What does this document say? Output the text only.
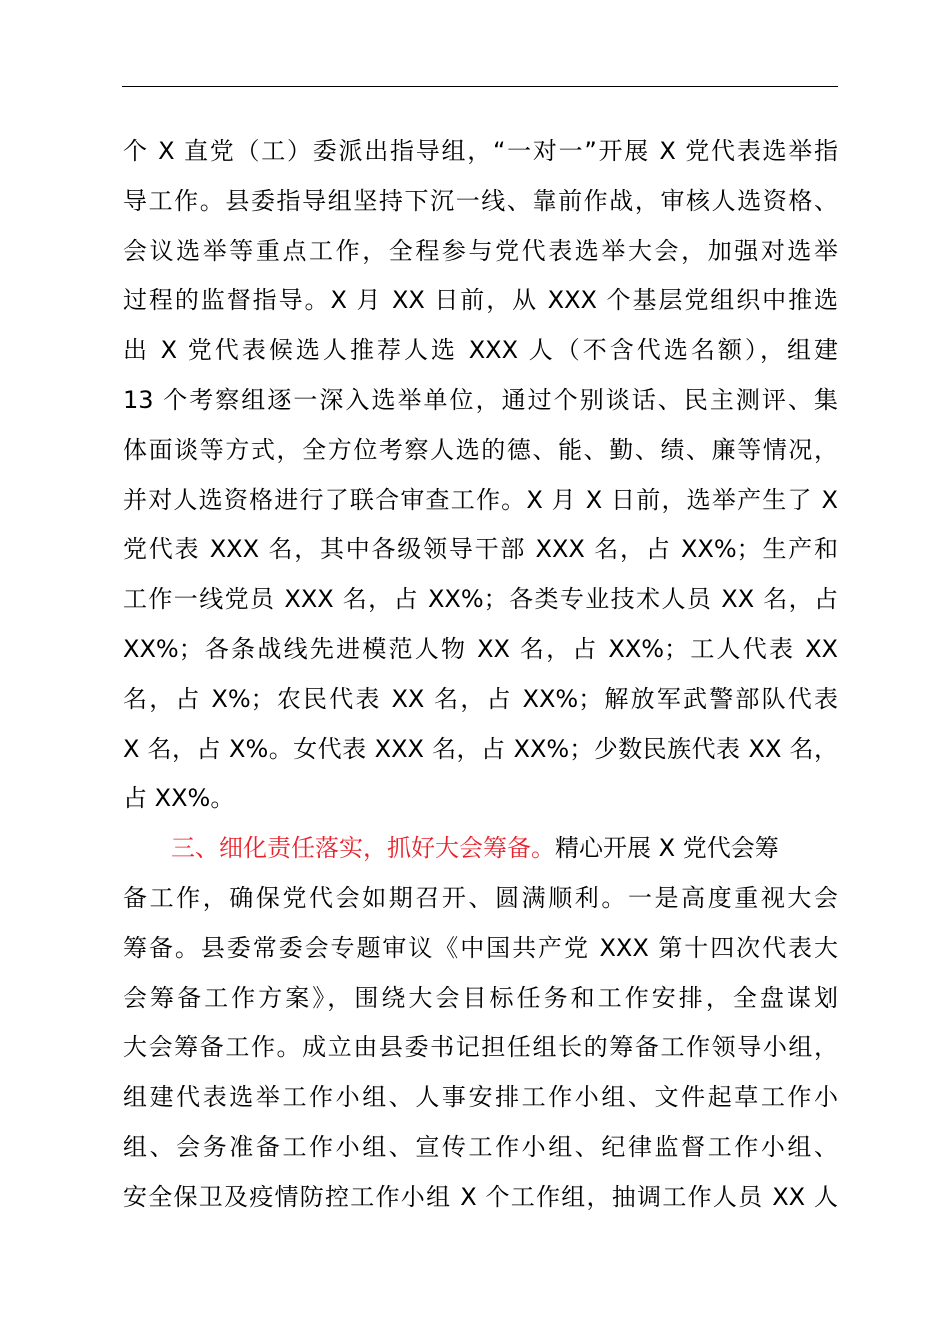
个 X 直党（工）委派出指导组，“一对一”开展 X 党代表选举指
导工作。县委指导组坚持下沉一线、靠前作战，审核人选资格、
会议选举等重点工作，全程参与党代表选举大会，加强对选举
过程的监督指导。X 月 XX 日前，从 XXX 个基层党组织中推选
出 X 党代表候选人推荐人选 XXX 人（不含代选名额），组建
13 个考察组逐一深入选举单位，通过个别谈话、民主测评、集
体面谈等方式，全方位考察人选的德、能、勤、绩、廉等情况，
并对人选资格进行了联合审查工作。X 月 X 日前，选举产生了 X
党代表 XXX 名，其中各级领导干部 XXX 名，占 XX%；生产和
工作一线党员 XXX 名，占 XX%；各类专业技术人员 XX 名，占
XX%；各条战线先进模范人物 XX 名，占 XX%；工人代表 XX
名，占 X%；农民代表 XX 名，占 XX%；解放军武警部队代表
X 名，占 X%。女代表 XXX 名，占 XX%；少数民族代表 XX 名，
占 XX%。
三、细化责任落实，抓好大会筹备。精心开展 X 党代会筹
备工作，确保党代会如期召开、圆满顺利。一是高度重视大会
筹备。县委常委会专题审议《中国共产党 XXX 第十四次代表大
会筹备工作方案》，围绕大会目标任务和工作安排，全盘谋划
大会筹备工作。成立由县委书记担任组长的筹备工作领导小组，
组建代表选举工作小组、人事安排工作小组、文件起草工作小
组、会务准备工作小组、宣传工作小组、纪律监督工作小组、
安全保卫及疫情防控工作小组 X 个工作组，抽调工作人员 XX 人
